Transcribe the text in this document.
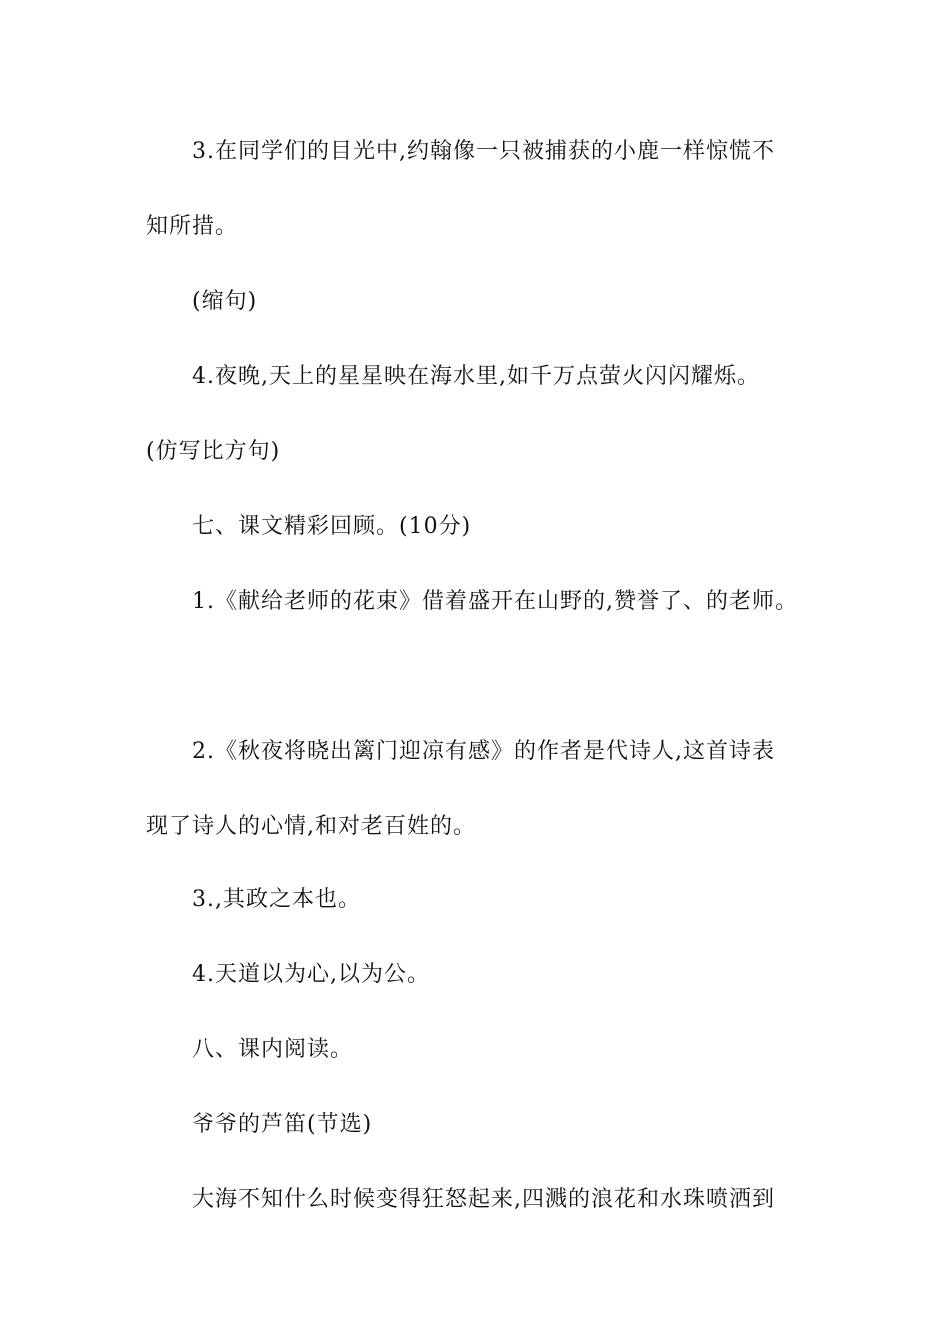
3.在同学们的目光中,约翰像一只被捕获的小鹿一样惊慌不
知所措。
(缩句)
4.夜晚,天上的星星映在海水里,如千万点萤火闪闪耀烁。
(仿写比方句)
七、课文精彩回顾。(10分)
1.《献给老师的花束》借着盛开在山野的,赞誉了、的老师。
2.《秋夜将晓出篱门迎凉有感》的作者是代诗人,这首诗表
现了诗人的心情,和对老百姓的。
3.,其政之本也。
4.天道以为心,以为公。
八、课内阅读。
爷爷的芦笛(节选)
大海不知什么时候变得狂怒起来,四溅的浪花和水珠喷洒到
